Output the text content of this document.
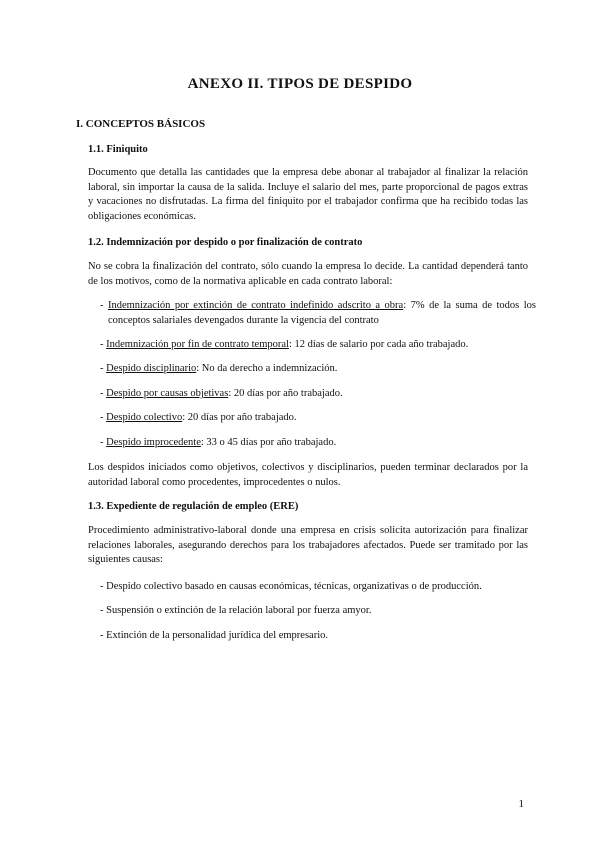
ANEXO II. TIPOS DE DESPIDO
I. CONCEPTOS BÁSICOS
1.1. Finiquito

Documento que detalla las cantidades que la empresa debe abonar al trabajador al finalizar la relación laboral, sin importar la causa de la salida. Incluye el salario del mes, parte proporcional de pagos extras y vacaciones no disfrutadas. La firma del finiquito por el trabajador confirma que ha recibido todas las obligaciones económicas.

1.2. Indemnización por despido o por finalización de contrato

No se cobra la finalización del contrato, sólo cuando la empresa lo decide. La cantidad dependerá tanto de los motivos, como de la normativa aplicable en cada contrato laboral:

- Indemnización por extinción de contrato indefinido adscrito a obra: 7% de la suma de todos los conceptos salariales devengados durante la vigencia del contrato

- Indemnización por fin de contrato temporal: 12 días de salario por cada año trabajado.

- Despido disciplinario: No da derecho a indemnización.

- Despido por causas objetivas: 20 días por año trabajado.

- Despido colectivo: 20 días por año trabajado.

- Despido improcedente: 33 o 45 días por año trabajado.

Los despidos iniciados como objetivos, colectivos y disciplinarios, pueden terminar declarados por la autoridad laboral como procedentes, improcedentes o nulos.

1.3. Expediente de regulación de empleo (ERE)

Procedimiento administrativo-laboral donde una empresa en crisis solicita autorización para finalizar relaciones laborales, asegurando derechos para los trabajadores afectados. Puede ser tramitado por las siguientes causas:

- Despido colectivo basado en causas económicas, técnicas, organizativas o de producción.

- Suspensión o extinción de la relación laboral por fuerza amyor.

- Extinción de la personalidad jurídica del empresario.

1
